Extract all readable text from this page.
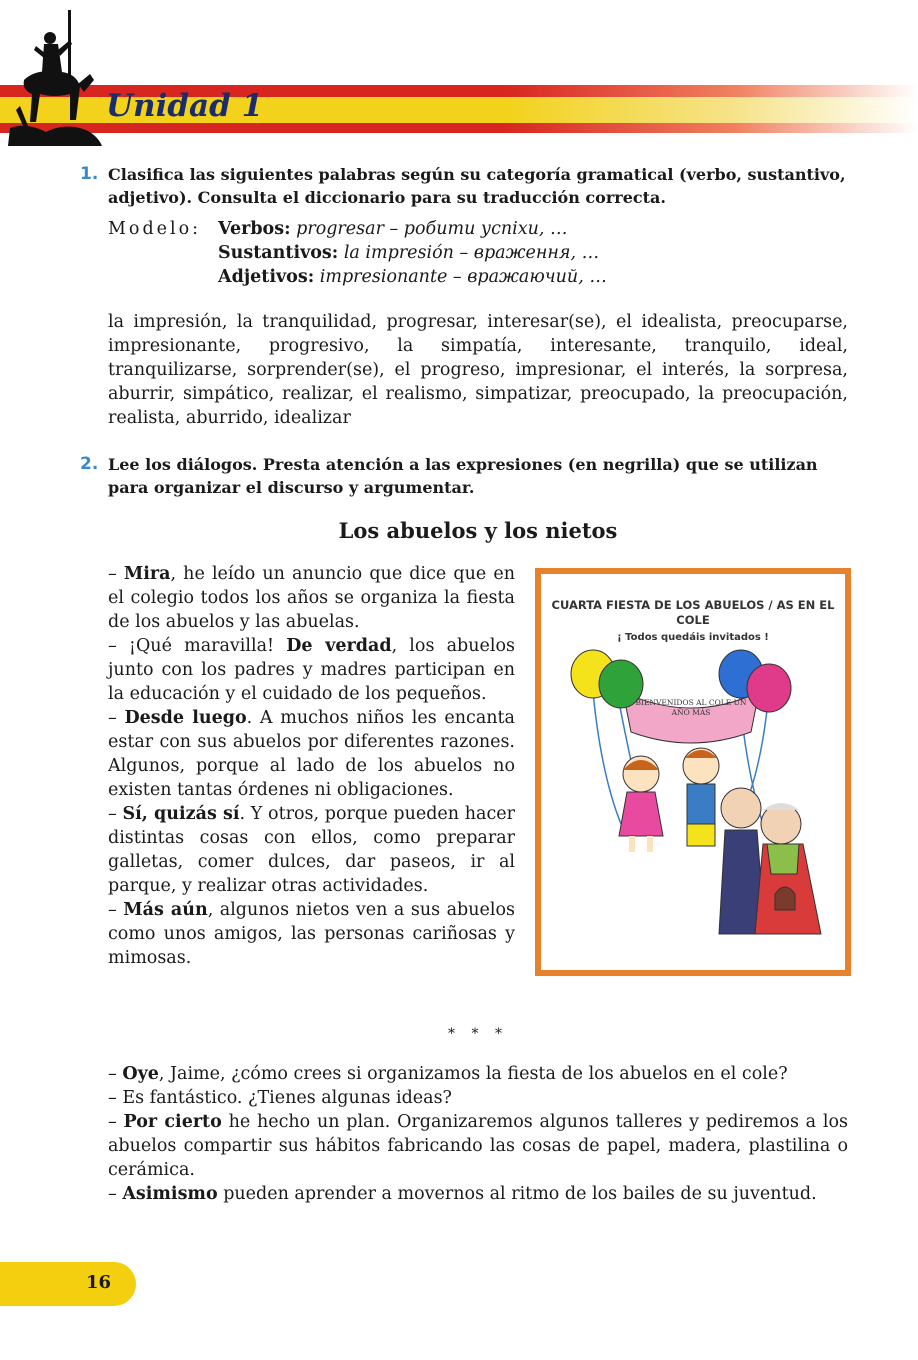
Unidad 1
1. Clasifica las siguientes palabras según su categoría gramatical (verbo, sustantivo, adjetivo). Consulta el diccionario para su traducción correcta.

Modelo: Verbos: progresar – робити успіхи, …
Sustantivos: la impresión – враження, …
Adjetivos: impresionante – вражаючий, …

la impresión, la tranquilidad, progresar, interesar(se), el idealista, preocuparse, impresionante, progresivo, la simpatía, interesante, tranquilo, ideal, tranquilizarse, sorprender(se), el progreso, impresionar, el interés, la sorpresa, aburrir, simpático, realizar, el realismo, simpatizar, preocupado, la preocupación, realista, aburrido, idealizar

2. Lee los diálogos. Presta atención a las expresiones (en negrilla) que se utilizan para organizar el discurso y argumentar.

Los abuelos y los nietos

– Mira, he leído un anuncio que dice que en el colegio todos los años se organiza la fiesta de los abuelos y las abuelas.

– ¡Qué maravilla! De verdad, los abuelos junto con los padres y madres participan en la educación y el cuidado de los pequeños.

– Desde luego. A muchos niños les encanta estar con sus abuelos por diferentes razones. Algunos, porque al lado de los abuelos no existen tantas órdenes ni obligaciones.

– Sí, quizás sí. Y otros, porque pueden hacer distintas cosas con ellos, como preparar galletas, comer dulces, dar paseos, ir al parque, y realizar otras actividades.

– Más aún, algunos nietos ven a sus abuelos como unos amigos, las personas cariñosas y mimosas.

CUARTA FIESTA DE LOS ABUELOS / AS EN EL COLE
¡ Todos quedáis invitados !
BIENVENIDOS AL COLE UN AÑO MÁS
* * *

– Oye, Jaime, ¿cómo crees si organizamos la fiesta de los abuelos en el cole?

– Es fantástico. ¿Tienes algunas ideas?

– Por cierto he hecho un plan. Organizaremos algunos talleres y pediremos a los abuelos compartir sus hábitos fabricando las cosas de papel, madera, plastilina o cerámica.

– Asimismo pueden aprender a movernos al ritmo de los bailes de su juventud.

16
